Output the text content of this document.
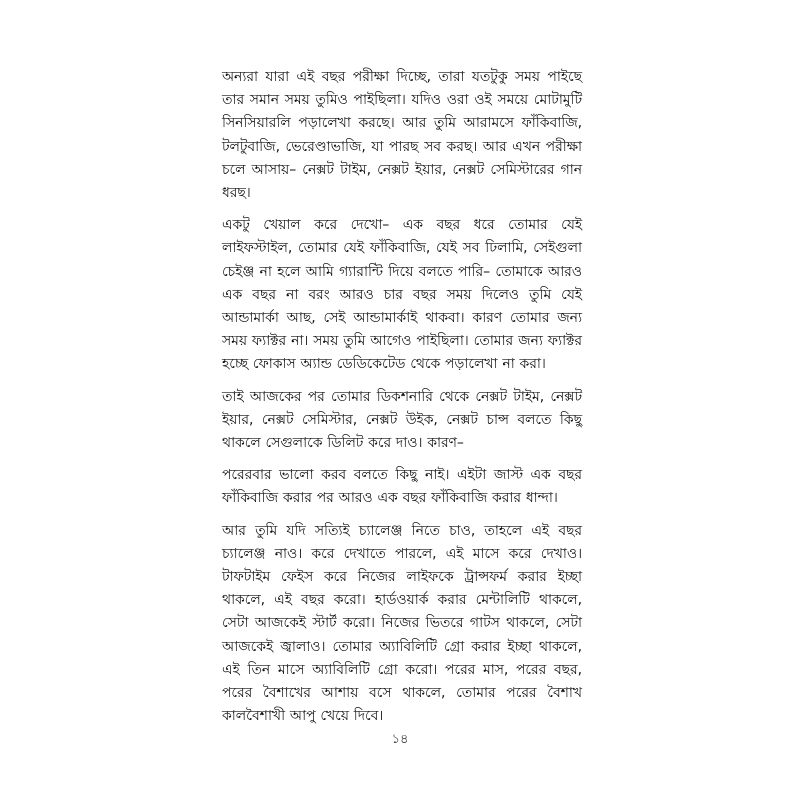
অন্যরা যারা এই বছর পরীক্ষা দিচ্ছে, তারা যতটুকু সময় পাইছে তার সমান সময় তুমিও পাইছিলা। যদিও ওরা ওই সময়ে মোটামুটি সিনসিয়ারলি পড়ালেখা করছে। আর তুমি আরামসে ফাঁকিবাজি, টলটুবাজি, ভেরেণ্ডাভাজি, যা পারছ সব করছ। আর এখন পরীক্ষা চলে আসায়– নেক্সট টাইম, নেক্সট ইয়ার, নেক্সট সেমিস্টারের গান ধরছ।

একটু খেয়াল করে দেখো– এক বছর ধরে তোমার যেই লাইফস্টাইল, তোমার যেই ফাঁকিবাজি, যেই সব ঢিলামি, সেইগুলা চেইঞ্জ না হলে আমি গ্যারান্টি দিয়ে বলতে পারি– তোমাকে আরও এক বছর না বরং আরও চার বছর সময় দিলেও তুমি যেই আন্ডামার্কা আছ, সেই আন্ডামার্কাই থাকবা। কারণ তোমার জন্য সময় ফ্যাক্টর না। সময় তুমি আগেও পাইছিলা। তোমার জন্য ফ্যাক্টর হচ্ছে ফোকাস অ্যান্ড ডেডিকেটেড থেকে পড়ালেখা না করা।

তাই আজকের পর তোমার ডিকশনারি থেকে নেক্সট টাইম, নেক্সট ইয়ার, নেক্সট সেমিস্টার, নেক্সট উইক, নেক্সট চান্স বলতে কিছু থাকলে সেগুলাকে ডিলিট করে দাও। কারণ–

পরেরবার ভালো করব বলতে কিছু নাই। এইটা জাস্ট এক বছর ফাঁকিবাজি করার পর আরও এক বছর ফাঁকিবাজি করার ধান্দা।

আর তুমি যদি সত্যিই চ্যালেঞ্জ নিতে চাও, তাহলে এই বছর চ্যালেঞ্জ নাও। করে দেখাতে পারলে, এই মাসে করে দেখাও। টাফটাইম ফেইস করে নিজের লাইফকে ট্রান্সফর্ম করার ইচ্ছা থাকলে, এই বছর করো। হার্ডওয়ার্ক করার মেন্টালিটি থাকলে, সেটা আজকেই স্টার্ট করো। নিজের ভিতরে গাটস থাকলে, সেটা আজকেই জ্বালাও। তোমার অ্যাবিলিটি গ্রো করার ইচ্ছা থাকলে, এই তিন মাসে অ্যাবিলিটি গ্রো করো। পরের মাস, পরের বছর, পরের বৈশাখের আশায় বসে থাকলে, তোমার পরের বৈশাখ কালবৈশাখী আপু খেয়ে দিবে।

১৪
